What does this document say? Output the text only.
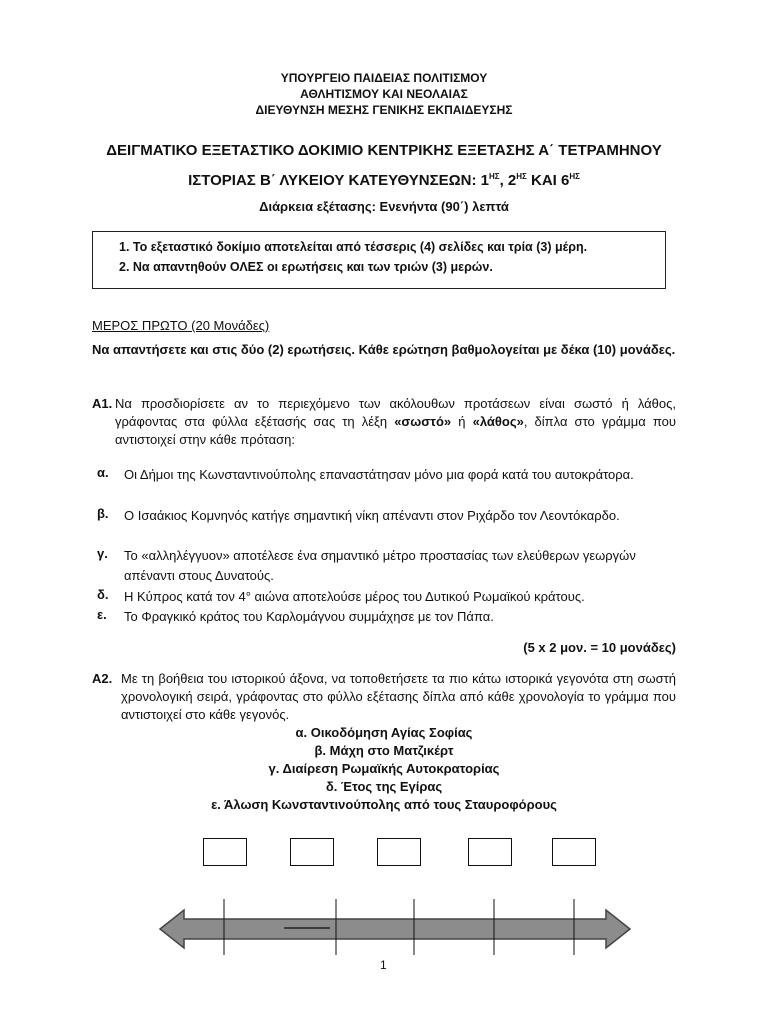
ΥΠΟΥΡΓΕΙΟ ΠΑΙΔΕΙΑΣ ΠΟΛΙΤΙΣΜΟΥ
ΑΘΛΗΤΙΣΜΟΥ ΚΑΙ ΝΕΟΛΑΙΑΣ
ΔΙΕΥΘΥΝΣΗ ΜΕΣΗΣ ΓΕΝΙΚΗΣ ΕΚΠΑΙΔΕΥΣΗΣ
ΔΕΙΓΜΑΤΙΚΟ ΕΞΕΤΑΣΤΙΚΟ ΔΟΚΙΜΙΟ ΚΕΝΤΡΙΚΗΣ ΕΞΕΤΑΣΗΣ Α΄ ΤΕΤΡΑΜΗΝΟΥ
ΙΣΤΟΡΙΑΣ Β΄ ΛΥΚΕΙΟΥ ΚΑΤΕΥΘΥΝΣΕΩΝ: $1^{H\Sigma}$, $2^{H\Sigma}$ ΚΑΙ $6^{H\Sigma}$
Διάρκεια εξέτασης: Ενενήντα (90΄) λεπτά
1. Το εξεταστικό δοκίμιο αποτελείται από τέσσερις (4) σελίδες και τρία (3) μέρη.
2. Να απαντηθούν ΟΛΕΣ οι ερωτήσεις και των τριών (3) μερών.
ΜΕΡΟΣ ΠΡΩΤΟ (20 Μονάδες)
Να απαντήσετε και στις δύο (2) ερωτήσεις. Κάθε ερώτηση βαθμολογείται με δέκα (10) μονάδες.
Α1. Να προσδιορίσετε αν το περιεχόμενο των ακόλουθων προτάσεων είναι σωστό ή λάθος, γράφοντας στα φύλλα εξέτασής σας τη λέξη «σωστό» ή «λάθος», δίπλα στο γράμμα που αντιστοιχεί στην κάθε πρόταση:
α. Οι Δήμοι της Κωνσταντινούπολης επαναστάτησαν μόνο μια φορά κατά του αυτοκράτορα.
β. Ο Ισαάκιος Κομνηνός κατήγε σημαντική νίκη απέναντι στον Ριχάρδο τον Λεοντόκαρδο.
γ. Το «αλληλέγγυον» αποτέλεσε ένα σημαντικό μέτρο προστασίας των ελεύθερων γεωργών απέναντι στους Δυνατούς.
δ. Η Κύπρος κατά τον 4° αιώνα αποτελούσε μέρος του Δυτικού Ρωμαϊκού κράτους.
ε. Το Φραγκικό κράτος του Καρλομάγνου συμμάχησε με τον Πάπα.
(5 x 2 μον. = 10 μονάδες)
Α2. Με τη βοήθεια του ιστορικού άξονα, να τοποθετήσετε τα πιο κάτω ιστορικά γεγονότα στη σωστή χρονολογική σειρά, γράφοντας στο φύλλο εξέτασης δίπλα από κάθε χρονολογία το γράμμα που αντιστοιχεί στο κάθε γεγονός.
α. Οικοδόμηση Αγίας Σοφίας
β. Μάχη στο Ματζικέρτ
γ. Διαίρεση Ρωμαϊκής Αυτοκρατορίας
δ. Έτος της Εγίρας
ε. Άλωση Κωνσταντινούπολης από τους Σταυροφόρους
1
